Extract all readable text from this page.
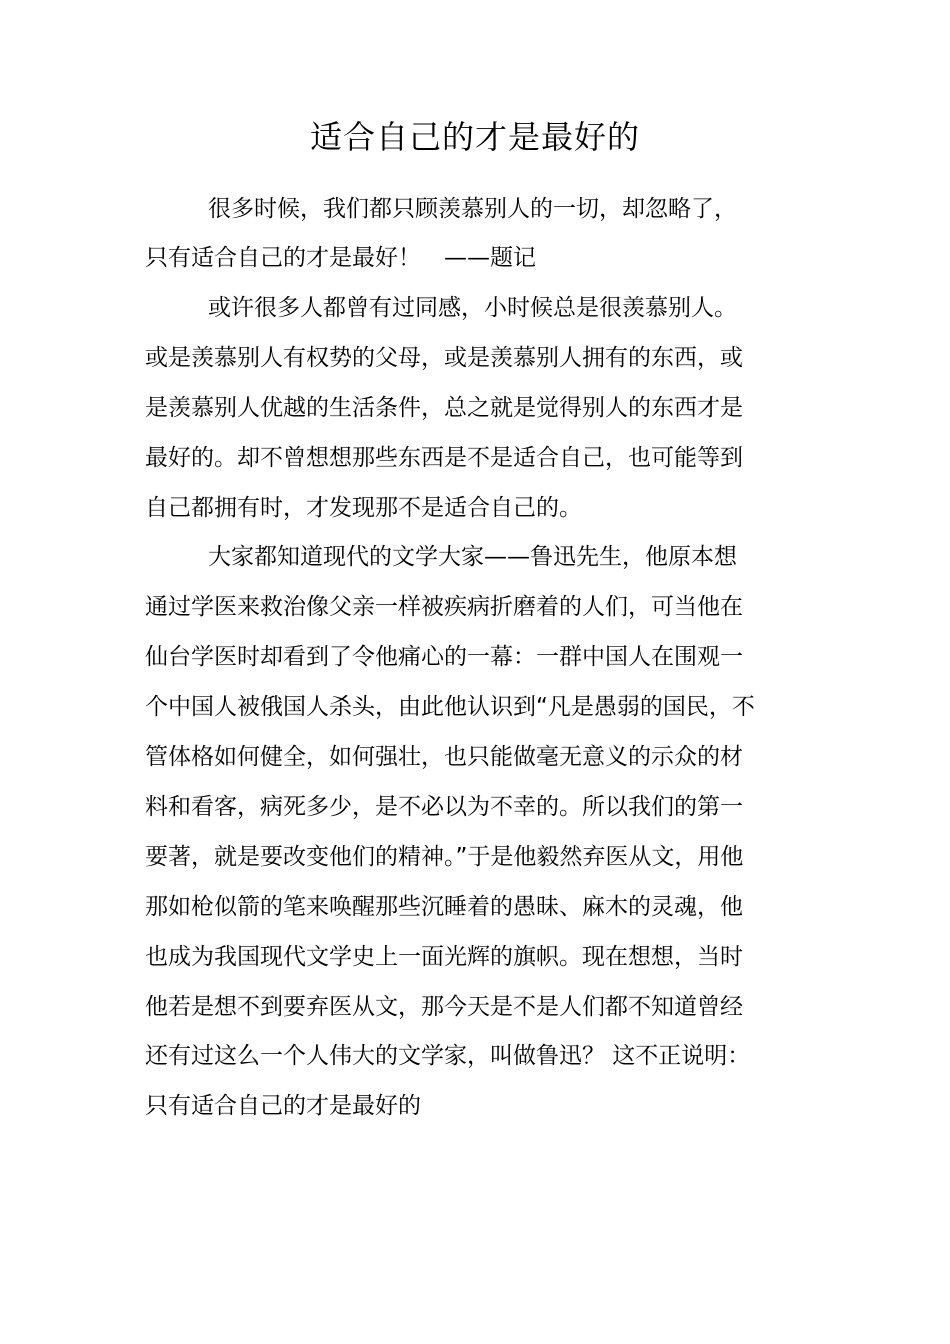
适合自己的才是最好的
很多时候，我们都只顾羡慕别人的一切，却忽略了，
只有适合自己的才是最好！　——题记
或许很多人都曾有过同感，小时候总是很羡慕别人。
或是羡慕别人有权势的父母，或是羡慕别人拥有的东西，或
是羡慕别人优越的生活条件，总之就是觉得别人的东西才是
最好的。却不曾想想那些东西是不是适合自己，也可能等到
自己都拥有时，才发现那不是适合自己的。
大家都知道现代的文学大家——鲁迅先生，他原本想
通过学医来救治像父亲一样被疾病折磨着的人们，可当他在
仙台学医时却看到了令他痛心的一幕：一群中国人在围观一
个中国人被俄国人杀头，由此他认识到“凡是愚弱的国民，不
管体格如何健全，如何强壮，也只能做毫无意义的示众的材
料和看客，病死多少，是不必以为不幸的。所以我们的第一
要著，就是要改变他们的精神。”于是他毅然弃医从文，用他
那如枪似箭的笔来唤醒那些沉睡着的愚昧、麻木的灵魂，他
也成为我国现代文学史上一面光辉的旗帜。现在想想，当时
他若是想不到要弃医从文，那今天是不是人们都不知道曾经
还有过这么一个人伟大的文学家，叫做鲁迅？ 这不正说明：
只有适合自己的才是最好的
